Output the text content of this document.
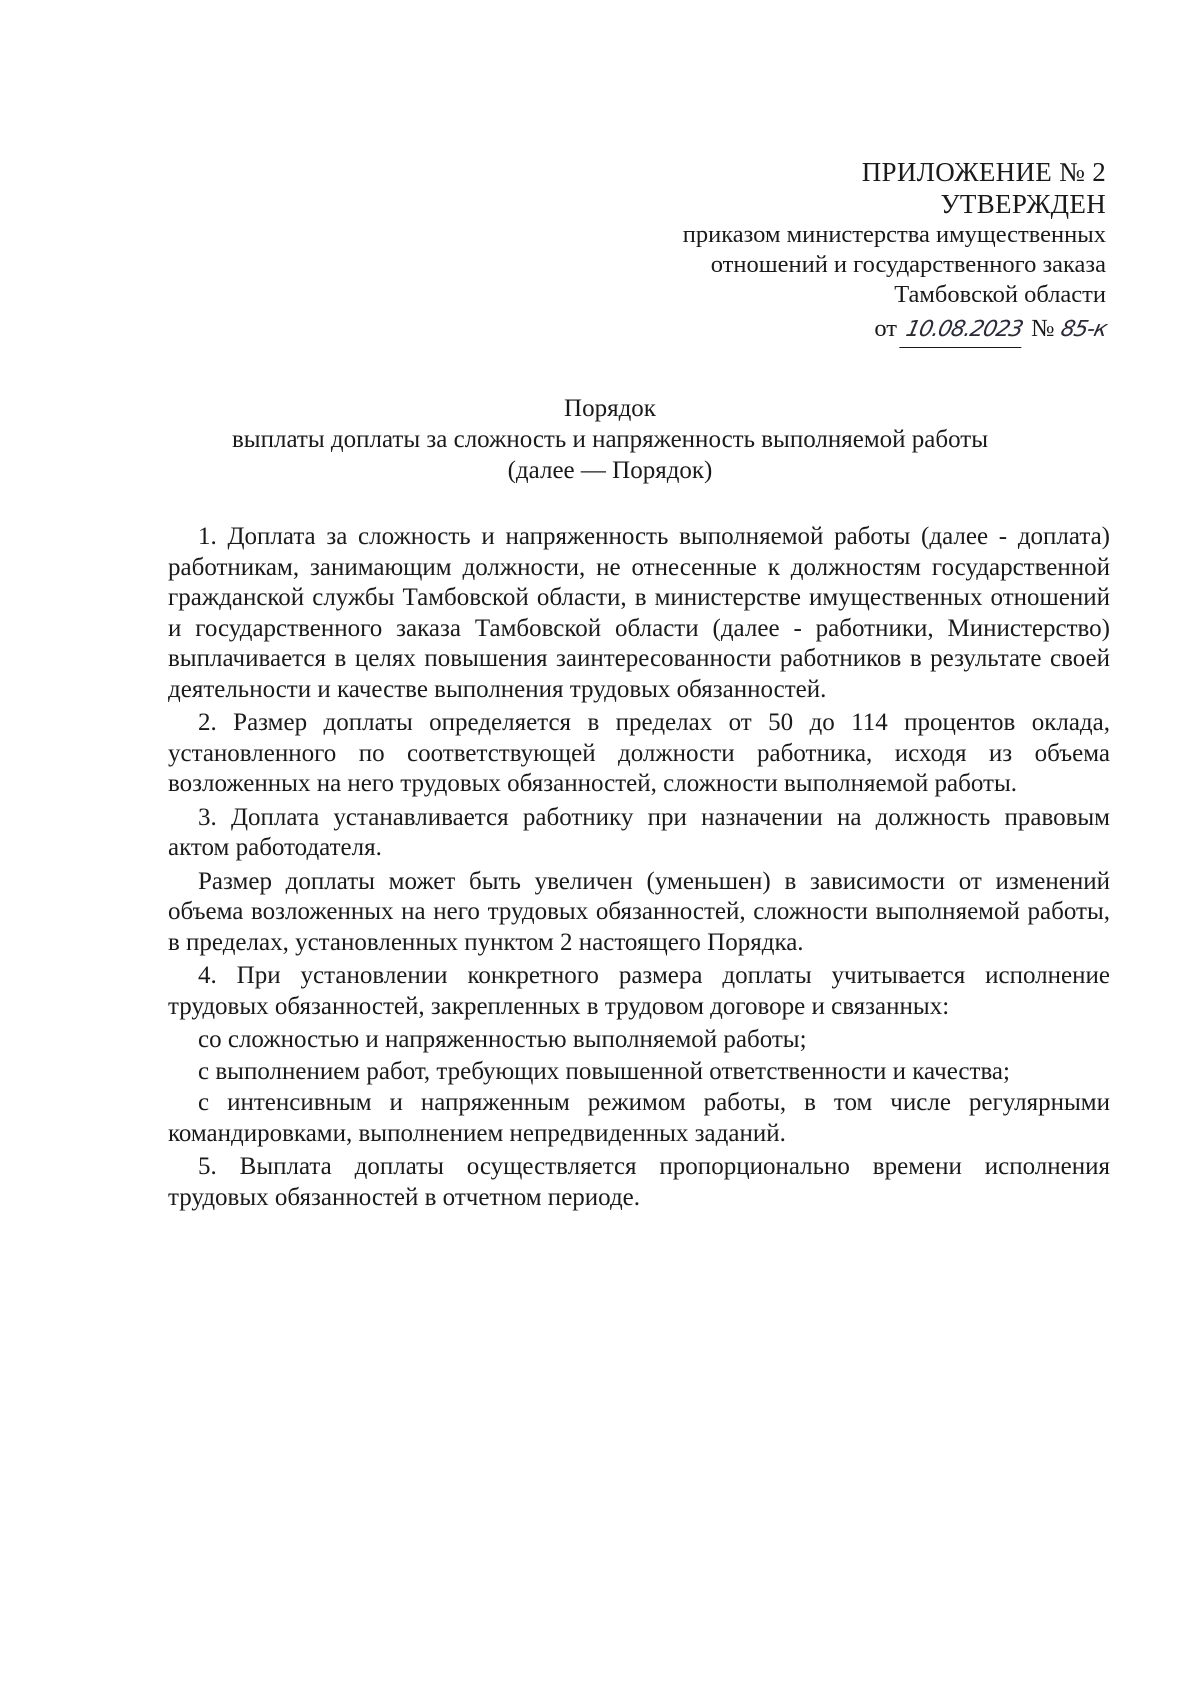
ПРИЛОЖЕНИЕ № 2
УТВЕРЖДЕН
приказом министерства имущественных
отношений и государственного заказа
Тамбовской области
от 10.08.2023 № 85-к
Порядок
выплаты доплаты за сложность и напряженность выполняемой работы
(далее — Порядок)

1. Доплата за сложность и напряженность выполняемой работы (далее - доплата) работникам, занимающим должности, не отнесенные к должностям государственной гражданской службы Тамбовской области, в министерстве имущественных отношений и государственного заказа Тамбовской области (далее - работники, Министерство) выплачивается в целях повышения заинтересованности работников в результате своей деятельности и качестве выполнения трудовых обязанностей.

2. Размер доплаты определяется в пределах от 50 до 114 процентов оклада, установленного по соответствующей должности работника, исходя из объема возложенных на него трудовых обязанностей, сложности выполняемой работы.

3. Доплата устанавливается работнику при назначении на должность правовым актом работодателя.

Размер доплаты может быть увеличен (уменьшен) в зависимости от изменений объема возложенных на него трудовых обязанностей, сложности выполняемой работы, в пределах, установленных пунктом 2 настоящего Порядка.

4. При установлении конкретного размера доплаты учитывается исполнение трудовых обязанностей, закрепленных в трудовом договоре и связанных:

со сложностью и напряженностью выполняемой работы;

с выполнением работ, требующих повышенной ответственности и качества;

с интенсивным и напряженным режимом работы, в том числе регулярными командировками, выполнением непредвиденных заданий.

5. Выплата доплаты осуществляется пропорционально времени исполнения трудовых обязанностей в отчетном периоде.
